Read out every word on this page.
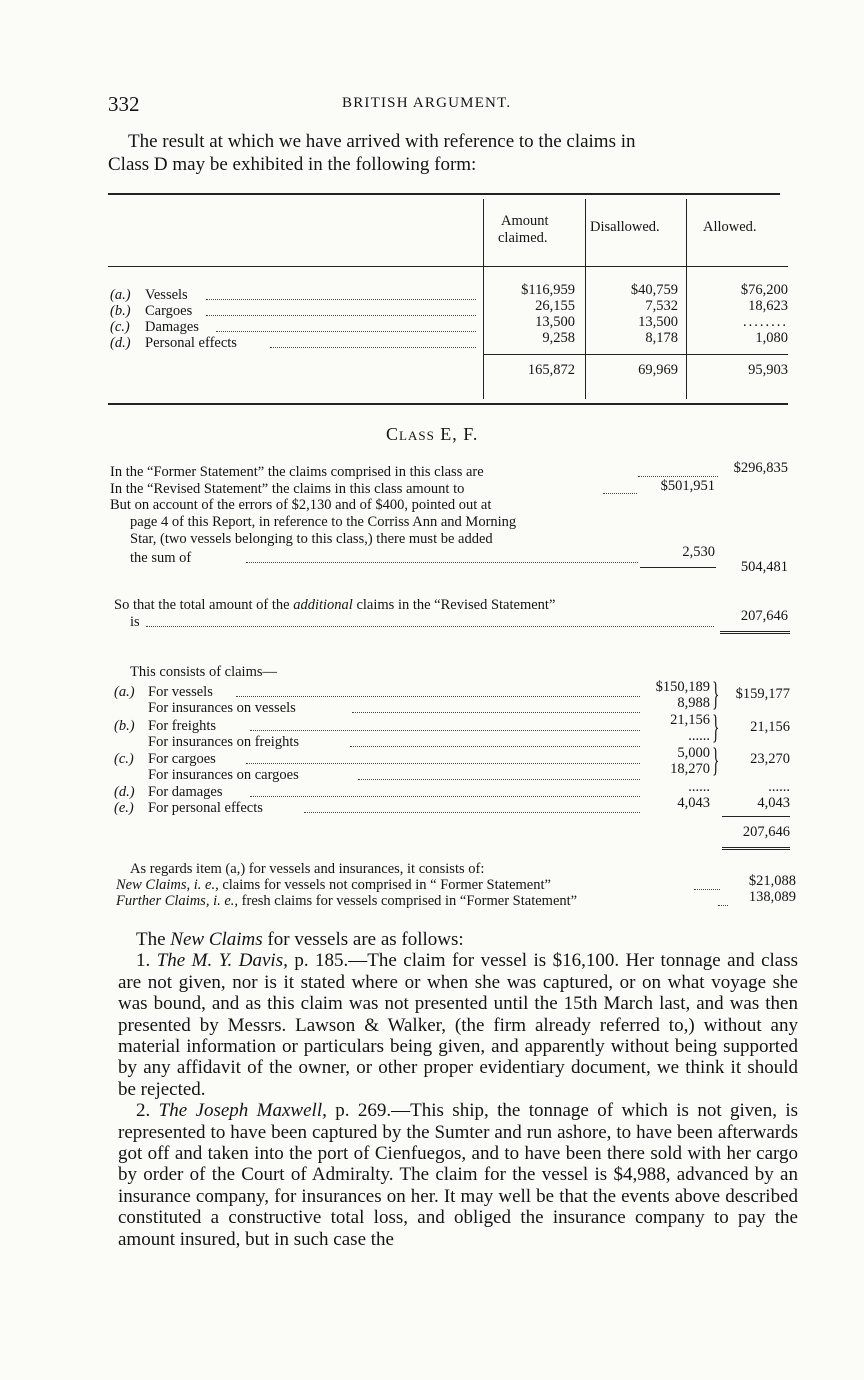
332	BRITISH ARGUMENT.
The result at which we have arrived with reference to the claims in
Class D may be exhibited in the following form:
Amount
claimed.
Disallowed.	Allowed.
(a.) Vessels	$116,959	$40,759	$76,200
(b.) Cargoes	26,155	7,532	18,623
(c.) Damages	13,500	13,500	........
(d.) Personal effects	9,258	8,178	1,080
165,872	69,969	95,903
Class E, F.
In the “Former Statement” the claims comprised in this class are	$296,835
In the “Revised Statement” the claims in this class amount to	$501,951
But on account of the errors of $2,130 and of $400, pointed out at
page 4 of this Report, in reference to the Corriss Ann and Morning
Star, (two vessels belonging to this class,) there must be added
the sum of	2,530
504,481
So that the total amount of the additional claims in the “Revised Statement”
is	207,646
This consists of claims—
(a.) For vessels	$150,189
For insurances on vessels	8,988 }	$159,177
(b.) For freights	21,156
For insurances on freights	...... }	21,156
(c.) For cargoes	5,000
For insurances on cargoes	18,270 }	23,270
(d.) For damages	......	......
(e.) For personal effects	4,043	4,043
207,646
As regards item (a,) for vessels and insurances, it consists of:
New Claims, i. e., claims for vessels not comprised in “ Former Statement”	$21,088
Further Claims, i. e., fresh claims for vessels comprised in “Former Statement”	138,089

The New Claims for vessels are as follows:

1. The M. Y. Davis, p. 185.—The claim for vessel is $16,100. Her tonnage and class are not given, nor is it stated where or when she was captured, or on what voyage she was bound, and as this claim was not presented until the 15th March last, and was then presented by Messrs. Lawson & Walker, (the firm already referred to,) without any material information or particulars being given, and apparently without being supported by any affidavit of the owner, or other proper evidentiary document, we think it should be rejected.

2. The Joseph Maxwell, p. 269.—This ship, the tonnage of which is not given, is represented to have been captured by the Sumter and run ashore, to have been afterwards got off and taken into the port of Cienfuegos, and to have been there sold with her cargo by order of the Court of Admiralty. The claim for the vessel is $4,988, advanced by an insurance company, for insurances on her. It may well be that the events above described constituted a constructive total loss, and obliged the insurance company to pay the amount insured, but in such case the
